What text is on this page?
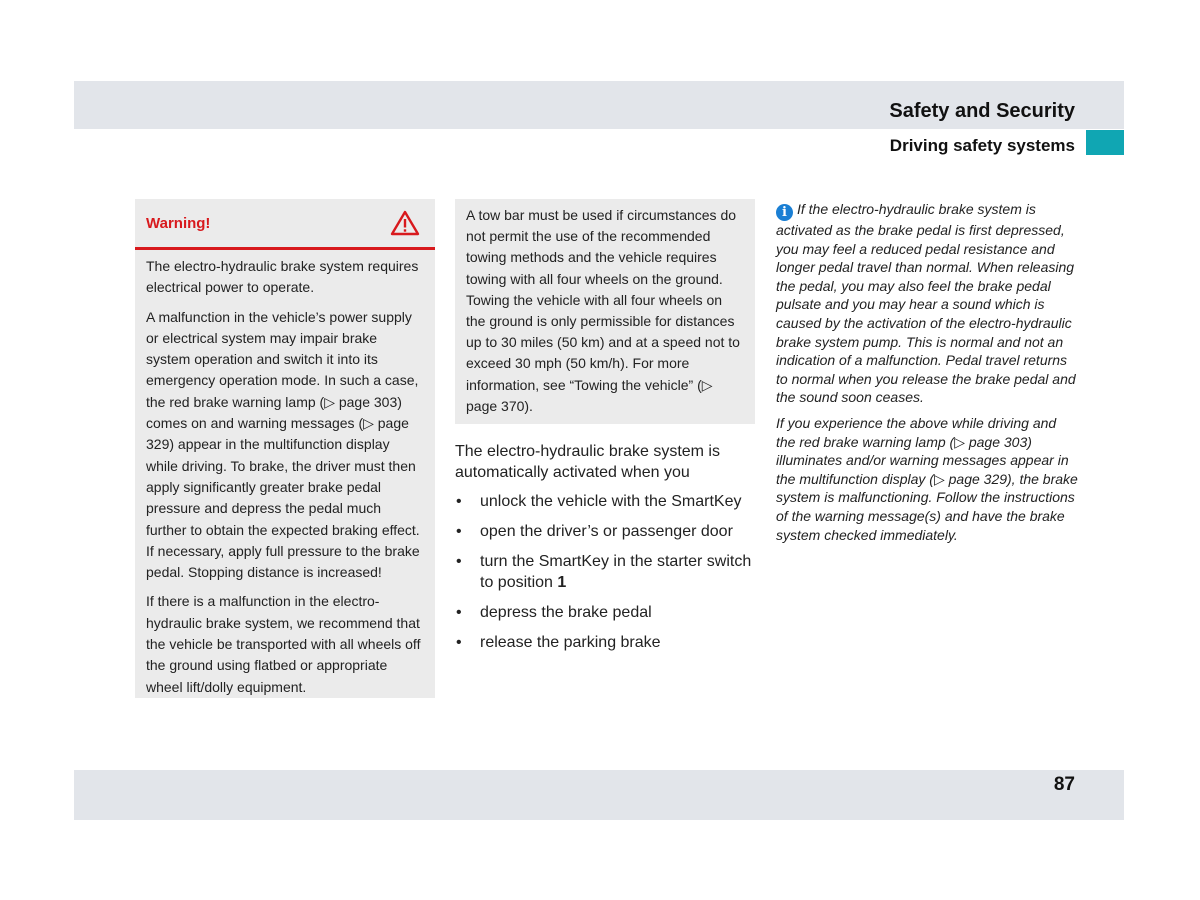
Safety and Security
Driving safety systems
Warning!

The electro-hydraulic brake system requires electrical power to operate.

A malfunction in the vehicle’s power supply or electrical system may impair brake system operation and switch it into its emergency operation mode. In such a case, the red brake warning lamp (▷ page 303) comes on and warning messages (▷ page 329) appear in the multifunction display while driving. To brake, the driver must then apply significantly greater brake pedal pressure and depress the pedal much further to obtain the expected braking effect. If necessary, apply full pressure to the brake pedal. Stopping distance is increased!

If there is a malfunction in the electro-hydraulic brake system, we recommend that the vehicle be transported with all wheels off the ground using flatbed or appropriate wheel lift/dolly equipment.

A tow bar must be used if circumstances do not permit the use of the recommended towing methods and the vehicle requires towing with all four wheels on the ground. Towing the vehicle with all four wheels on the ground is only permissible for distances up to 30 miles (50 km) and at a speed not to exceed 30 mph (50 km/h). For more information, see “Towing the vehicle” (▷ page 370).

The electro-hydraulic brake system is automatically activated when you

• unlock the vehicle with the SmartKey
• open the driver’s or passenger door
• turn the SmartKey in the starter switch to position 1
• depress the brake pedal
• release the parking brake

i If the electro-hydraulic brake system is activated as the brake pedal is first depressed, you may feel a reduced pedal resistance and longer pedal travel than normal. When releasing the pedal, you may also feel the brake pedal pulsate and you may hear a sound which is caused by the activation of the electro-hydraulic brake system pump. This is normal and not an indication of a malfunction. Pedal travel returns to normal when you release the brake pedal and the sound soon ceases.

If you experience the above while driving and the red brake warning lamp (▷ page 303) illuminates and/or warning messages appear in the multifunction display (▷ page 329), the brake system is malfunctioning. Follow the instructions of the warning message(s) and have the brake system checked immediately.

87
